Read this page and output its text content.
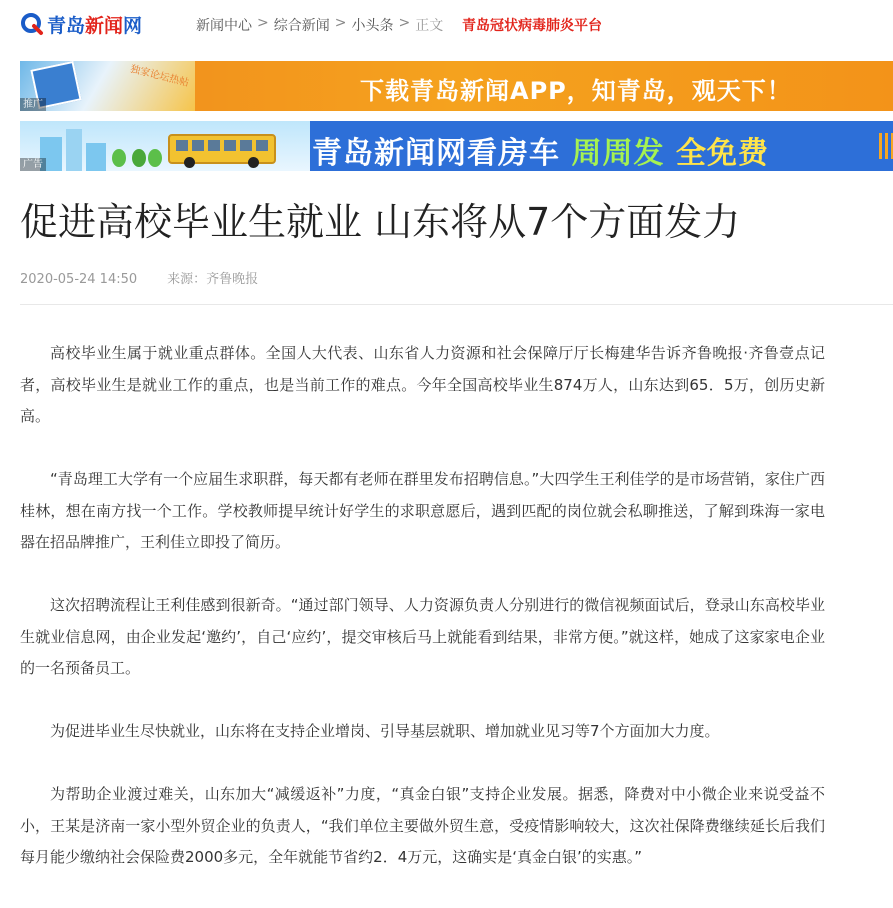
青岛新闻网	新闻中心 > 综合新闻 > 小头条 > 正文 青岛冠状病毒肺炎平台
独家论坛热帖
下载青岛新闻APP，知青岛，观天下！
推广
青岛新闻网看房车 周周发 全免费
广告
促进高校毕业生就业 山东将从7个方面发力
2020-05-24 14:50 来源：齐鲁晚报

高校毕业生属于就业重点群体。全国人大代表、山东省人力资源和社会保障厅厅长梅建华告诉齐鲁晚报·齐鲁壹点记者，高校毕业生是就业工作的重点，也是当前工作的难点。今年全国高校毕业生874万人，山东达到65．5万，创历史新高。

“青岛理工大学有一个应届生求职群，每天都有老师在群里发布招聘信息。”大四学生王利佳学的是市场营销，家住广西桂林，想在南方找一个工作。学校教师提早统计好学生的求职意愿后，遇到匹配的岗位就会私聊推送，了解到珠海一家电器在招品牌推广，王利佳立即投了简历。

这次招聘流程让王利佳感到很新奇。“通过部门领导、人力资源负责人分别进行的微信视频面试后，登录山东高校毕业生就业信息网，由企业发起‘邀约’，自己‘应约’，提交审核后马上就能看到结果，非常方便。”就这样，她成了这家家电企业的一名预备员工。

为促进毕业生尽快就业，山东将在支持企业增岗、引导基层就职、增加就业见习等7个方面加大力度。

为帮助企业渡过难关，山东加大“减缓返补”力度，“真金白银”支持企业发展。据悉，降费对中小微企业来说受益不小，王某是济南一家小型外贸企业的负责人，“我们单位主要做外贸生意，受疫情影响较大，这次社保降费继续延长后我们每月能少缴纳社会保险费2000多元，全年就能节省约2．4万元，这确实是‘真金白银’的实惠。”
